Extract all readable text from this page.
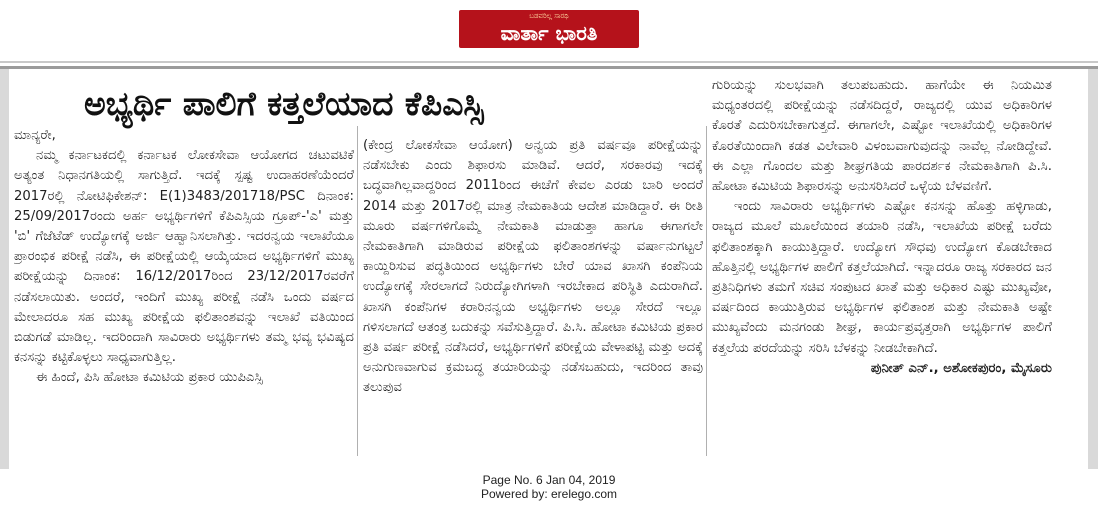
ಬಡವರಿಲ್ಲ ಸಾರಥಿ
ವಾರ್ತಾ ಭಾರತಿ
ಅಭ್ಯರ್ಥಿ ಪಾಲಿಗೆ ಕತ್ತಲೆಯಾದ ಕೆಪಿಎಸ್ಸಿ

ಮಾನ್ಯರೇ,

ನಮ್ಮ ಕರ್ನಾಟಕದಲ್ಲಿ ಕರ್ನಾಟಕ ಲೋಕಸೇವಾ ಆಯೋಗದ ಚಟುವಟಿಕೆ ಅತ್ಯಂತ ನಿಧಾನಗತಿಯಲ್ಲಿ ಸಾಗುತ್ತಿದೆ. ಇದಕ್ಕೆ ಸ್ಪಷ್ಟ ಉದಾಹರಣೆಯೆಂದರೆ 2017ರಲ್ಲಿ ನೋಟಿಫಿಕೇಶನ್: E(1)3483/201718/PSC ದಿನಾಂಕ: 25/09/2017ರಂದು ಅರ್ಹ ಅಭ್ಯರ್ಥಿಗಳಿಗೆ ಕೆಪಿಎಸ್ಸಿಯ ಗ್ರೂಪ್-'ಎ' ಮತ್ತು 'ಬಿ' ಗೆಜೆಟೆಡ್ ಉದ್ಯೋಗಕ್ಕೆ ಅರ್ಜಿ ಆಹ್ವಾನಿಸಲಾಗಿತ್ತು. ಇದರನ್ವಯ ಇಲಾಖೆಯೂ ಪ್ರಾರಂಭಿಕ ಪರೀಕ್ಷೆ ನಡೆಸಿ, ಈ ಪರೀಕ್ಷೆಯಲ್ಲಿ ಆಯ್ಕೆಯಾದ ಅಭ್ಯರ್ಥಿಗಳಿಗೆ ಮುಖ್ಯ ಪರೀಕ್ಷೆಯನ್ನು ದಿನಾಂಕ: 16/12/2017ರಿಂದ 23/12/2017ರವರೆಗೆ ನಡೆಸಲಾಯಿತು. ಅಂದರೆ, ಇಂದಿಗೆ ಮುಖ್ಯ ಪರೀಕ್ಷೆ ನಡೆಸಿ ಒಂದು ವರ್ಷದ ಮೇಲಾದರೂ ಸಹ ಮುಖ್ಯ ಪರೀಕ್ಷೆಯ ಫಲಿತಾಂಶವನ್ನು ಇಲಾಖೆ ವತಿಯಿಂದ ಬಿಡುಗಡೆ ಮಾಡಿಲ್ಲ. ಇದರಿಂದಾಗಿ ಸಾವಿರಾರು ಅಭ್ಯರ್ಥಿಗಳು ತಮ್ಮ ಭವ್ಯ ಭವಿಷ್ಯದ ಕನಸನ್ನು ಕಟ್ಟಿಕೊಳ್ಳಲು ಸಾಧ್ಯವಾಗುತ್ತಿಲ್ಲ.

ಈ ಹಿಂದೆ, ಪಿಸಿ ಹೋಟಾ ಕಮಿಟಿಯ ಪ್ರಕಾರ ಯುಪಿಎಸ್ಸಿ

(ಕೇಂದ್ರ ಲೋಕಸೇವಾ ಆಯೋಗ) ಅನ್ವಯ ಪ್ರತಿ ವರ್ಷವೂ ಪರೀಕ್ಷೆಯನ್ನು ನಡೆಸಬೇಕು ಎಂದು ಶಿಫಾರಸು ಮಾಡಿವೆ. ಆದರೆ, ಸರಕಾರವು ಇದಕ್ಕೆ ಬದ್ಧವಾಗಿಲ್ಲವಾದ್ದರಿಂದ 2011ರಿಂದ ಈಚೆಗೆ ಕೇವಲ ಎರಡು ಬಾರಿ ಅಂದರೆ 2014 ಮತ್ತು 2017ರಲ್ಲಿ ಮಾತ್ರ ನೇಮಕಾತಿಯ ಆದೇಶ ಮಾಡಿದ್ದಾರೆ. ಈ ರೀತಿ ಮೂರು ವರ್ಷಗಳಿಗೊಮ್ಮೆ ನೇಮಕಾತಿ ಮಾಡುತ್ತಾ ಹಾಗೂ ಈಗಾಗಲೇ ನೇಮಕಾತಿಗಾಗಿ ಮಾಡಿರುವ ಪರೀಕ್ಷೆಯ ಫಲಿತಾಂಶಗಳನ್ನು ವರ್ಷಾನುಗಟ್ಟಲೆ ಕಾಯ್ದಿರಿಸುವ ಪದ್ಧತಿಯಿಂದ ಅಭ್ಯರ್ಥಿಗಳು ಬೇರೆ ಯಾವ ಖಾಸಗಿ ಕಂಪೆನಿಯ ಉದ್ಯೋಗಕ್ಕೆ ಸೇರಲಾಗದೆ ನಿರುದ್ಯೋಗಿಗಳಾಗಿ ಇರಬೇಕಾದ ಪರಿಸ್ಥಿತಿ ಎದುರಾಗಿದೆ. ಖಾಸಗಿ ಕಂಪೆನಿಗಳ ಕರಾರಿನನ್ವಯ ಅಭ್ಯರ್ಥಿಗಳು ಅಲ್ಲೂ ಸೇರದೆ ಇಲ್ಲೂ ಗಳಿಸಲಾಗದೆ ಆತಂತ್ರ ಬದುಕನ್ನು ಸವೆಸುತ್ತಿದ್ದಾರೆ. ಪಿ.ಸಿ. ಹೋಟಾ ಕಮಿಟಿಯ ಪ್ರಕಾರ ಪ್ರತಿ ವರ್ಷ ಪರೀಕ್ಷೆ ನಡೆಸಿದರೆ, ಅಭ್ಯರ್ಥಿಗಳಿಗೆ ಪರೀಕ್ಷೆಯ ವೇಳಾಪಟ್ಟಿ ಮತ್ತು ಅದಕ್ಕೆ ಅನುಗುಣವಾಗುವ ಕ್ರಮಬದ್ಧ ತಯಾರಿಯನ್ನು ನಡೆಸಬಹುದು, ಇದರಿಂದ ತಾವು ತಲುಪುವ

ಗುರಿಯನ್ನು ಸುಲಭವಾಗಿ ತಲುಪಬಹುದು. ಹಾಗೆಯೇ ಈ ನಿಯಮಿತ ಮಧ್ಯಂತರದಲ್ಲಿ ಪರೀಕ್ಷೆಯನ್ನು ನಡೆಸದಿದ್ದರೆ, ರಾಜ್ಯದಲ್ಲಿ ಯುವ ಅಧಿಕಾರಿಗಳ ಕೊರತೆ ಎದುರಿಸಬೇಕಾಗುತ್ತದೆ. ಈಗಾಗಲೇ, ಎಷ್ಟೋ ಇಲಾಖೆಯಲ್ಲಿ ಅಧಿಕಾರಿಗಳ ಕೊರತೆಯಿಂದಾಗಿ ಕಡತ ವಿಲೇವಾರಿ ವಿಳಂಬವಾಗುವುದನ್ನು ನಾವೆಲ್ಲ ನೋಡಿದ್ದೇವೆ. ಈ ಎಲ್ಲಾ ಗೊಂದಲ ಮತ್ತು ಶೀಘ್ರಗತಿಯ ಪಾರದರ್ಶಕ ನೇಮಕಾತಿಗಾಗಿ ಪಿ.ಸಿ. ಹೋಟಾ ಕಮಿಟಿಯ ಶಿಫಾರಸನ್ನು ಅನುಸರಿಸಿದರೆ ಒಳ್ಳೆಯ ಬೆಳವಣಿಗೆ.

ಇಂದು ಸಾವಿರಾರು ಅಭ್ಯರ್ಥಿಗಳು ಎಷ್ಟೋ ಕನಸನ್ನು ಹೊತ್ತು ಹಳ್ಳಿಗಾಡು, ರಾಜ್ಯದ ಮೂಲೆ ಮೂಲೆಯಿಂದ ತಯಾರಿ ನಡೆಸಿ, ಇಲಾಖೆಯ ಪರೀಕ್ಷೆ ಬರೆದು ಫಲಿತಾಂಶಕ್ಕಾಗಿ ಕಾಯುತ್ತಿದ್ದಾರೆ. ಉದ್ಯೋಗ ಸೌಧವು ಉದ್ಯೋಗ ಕೊಡಬೇಕಾದ ಹೊತ್ತಿನಲ್ಲಿ ಅಭ್ಯರ್ಥಿಗಳ ಪಾಲಿಗೆ ಕತ್ತಲೆಯಾಗಿದೆ. ಇನ್ನಾದರೂ ರಾಜ್ಯ ಸರಕಾರದ ಜನ ಪ್ರತಿನಿಧಿಗಳು ತಮಗೆ ಸಚಿವ ಸಂಪುಟದ ಖಾತೆ ಮತ್ತು ಅಧಿಕಾರ ಎಷ್ಟು ಮುಖ್ಯವೋ, ವರ್ಷದಿಂದ ಕಾಯುತ್ತಿರುವ ಅಭ್ಯರ್ಥಿಗಳ ಫಲಿತಾಂಶ ಮತ್ತು ನೇಮಕಾತಿ ಅಷ್ಟೇ ಮುಖ್ಯವೆಂದು ಮನಗಂಡು ಶೀಘ್ರ, ಕಾರ್ಯಪ್ರವೃತ್ತರಾಗಿ ಅಭ್ಯರ್ಥಿಗಳ ಪಾಲಿಗೆ ಕತ್ತಲೆಯ ಪರದೆಯನ್ನು ಸರಿಸಿ ಬೆಳಕನ್ನು ನೀಡಬೇಕಾಗಿದೆ.

ಪುನೀತ್ ಎನ್., ಅಶೋಕಪುರಂ, ಮೈಸೂರು

Page No. 6 Jan 04, 2019
Powered by: erelego.com
